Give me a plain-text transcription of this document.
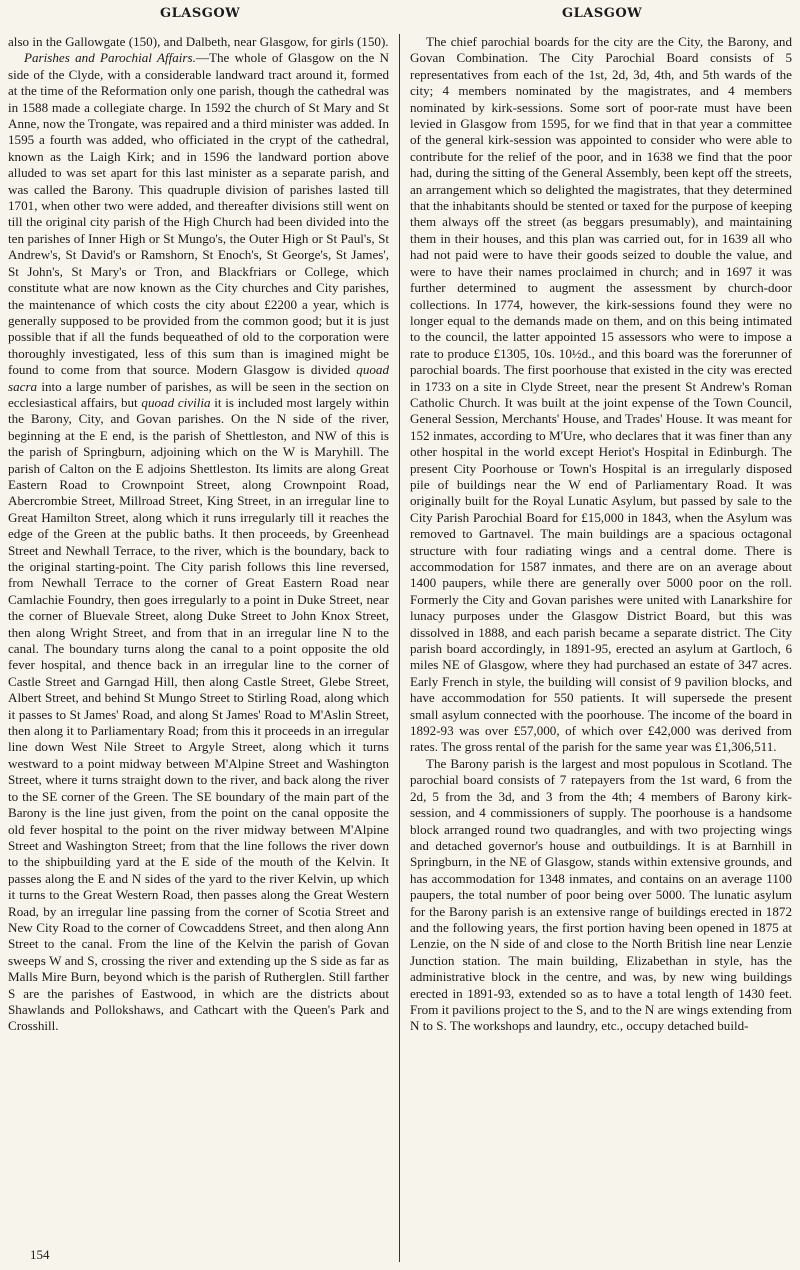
GLASGOW	GLASGOW

also in the Gallowgate (150), and Dalbeth, near Glasgow, for girls (150).

Parishes and Parochial Affairs.—The whole of Glasgow on the N side of the Clyde, with a considerable landward tract around it, formed at the time of the Reformation only one parish, though the cathedral was in 1588 made a collegiate charge. In 1592 the church of St Mary and St Anne, now the Trongate, was repaired and a third minister was added. In 1595 a fourth was added, who officiated in the crypt of the cathedral, known as the Laigh Kirk; and in 1596 the landward portion above alluded to was set apart for this last minister as a separate parish, and was called the Barony. This quadruple division of parishes lasted till 1701, when other two were added, and thereafter divisions still went on till the original city parish of the High Church had been divided into the ten parishes of Inner High or St Mungo's, the Outer High or St Paul's, St Andrew's, St David's or Ramshorn, St Enoch's, St George's, St James', St John's, St Mary's or Tron, and Blackfriars or College, which constitute what are now known as the City churches and City parishes, the maintenance of which costs the city about £2200 a year, which is generally supposed to be provided from the common good; but it is just possible that if all the funds bequeathed of old to the corporation were thoroughly investigated, less of this sum than is imagined might be found to come from that source. Modern Glasgow is divided quoad sacra into a large number of parishes, as will be seen in the section on ecclesiastical affairs, but quoad civilia it is included most largely within the Barony, City, and Govan parishes. On the N side of the river, beginning at the E end, is the parish of Shettleston, and NW of this is the parish of Springburn, adjoining which on the W is Maryhill. The parish of Calton on the E adjoins Shettleston. Its limits are along Great Eastern Road to Crownpoint Street, along Crownpoint Road, Abercrombie Street, Millroad Street, King Street, in an irregular line to Great Hamilton Street, along which it runs irregularly till it reaches the edge of the Green at the public baths. It then proceeds, by Greenhead Street and Newhall Terrace, to the river, which is the boundary, back to the original starting-point. The City parish follows this line reversed, from Newhall Terrace to the corner of Great Eastern Road near Camlachie Foundry, then goes irregularly to a point in Duke Street, near the corner of Bluevale Street, along Duke Street to John Knox Street, then along Wright Street, and from that in an irregular line N to the canal. The boundary turns along the canal to a point opposite the old fever hospital, and thence back in an irregular line to the corner of Castle Street and Garngad Hill, then along Castle Street, Glebe Street, Albert Street, and behind St Mungo Street to Stirling Road, along which it passes to St James' Road, and along St James' Road to M'Aslin Street, then along it to Parliamentary Road; from this it proceeds in an irregular line down West Nile Street to Argyle Street, along which it turns westward to a point midway between M'Alpine Street and Washington Street, where it turns straight down to the river, and back along the river to the SE corner of the Green. The SE boundary of the main part of the Barony is the line just given, from the point on the canal opposite the old fever hospital to the point on the river midway between M'Alpine Street and Washington Street; from that the line follows the river down to the shipbuilding yard at the E side of the mouth of the Kelvin. It passes along the E and N sides of the yard to the river Kelvin, up which it turns to the Great Western Road, then passes along the Great Western Road, by an irregular line passing from the corner of Scotia Street and New City Road to the corner of Cowcaddens Street, and then along Ann Street to the canal. From the line of the Kelvin the parish of Govan sweeps W and S, crossing the river and extending up the S side as far as Malls Mire Burn, beyond which is the parish of Rutherglen. Still farther S are the parishes of Eastwood, in which are the districts about Shawlands and Pollokshaws, and Cathcart with the Queen's Park and Crosshill.

The chief parochial boards for the city are the City, the Barony, and Govan Combination. The City Parochial Board consists of 5 representatives from each of the 1st, 2d, 3d, 4th, and 5th wards of the city; 4 members nominated by the magistrates, and 4 members nominated by kirk-sessions. Some sort of poor-rate must have been levied in Glasgow from 1595, for we find that in that year a committee of the general kirk-session was appointed to consider who were able to contribute for the relief of the poor, and in 1638 we find that the poor had, during the sitting of the General Assembly, been kept off the streets, an arrangement which so delighted the magistrates, that they determined that the inhabitants should be stented or taxed for the purpose of keeping them always off the street (as beggars presumably), and maintaining them in their houses, and this plan was carried out, for in 1639 all who had not paid were to have their goods seized to double the value, and were to have their names proclaimed in church; and in 1697 it was further determined to augment the assessment by church-door collections. In 1774, however, the kirk-sessions found they were no longer equal to the demands made on them, and on this being intimated to the council, the latter appointed 15 assessors who were to impose a rate to produce £1305, 10s. 10½d., and this board was the forerunner of parochial boards. The first poorhouse that existed in the city was erected in 1733 on a site in Clyde Street, near the present St Andrew's Roman Catholic Church. It was built at the joint expense of the Town Council, General Session, Merchants' House, and Trades' House. It was meant for 152 inmates, according to M'Ure, who declares that it was finer than any other hospital in the world except Heriot's Hospital in Edinburgh. The present City Poorhouse or Town's Hospital is an irregularly disposed pile of buildings near the W end of Parliamentary Road. It was originally built for the Royal Lunatic Asylum, but passed by sale to the City Parish Parochial Board for £15,000 in 1843, when the Asylum was removed to Gartnavel. The main buildings are a spacious octagonal structure with four radiating wings and a central dome. There is accommodation for 1587 inmates, and there are on an average about 1400 paupers, while there are generally over 5000 poor on the roll. Formerly the City and Govan parishes were united with Lanarkshire for lunacy purposes under the Glasgow District Board, but this was dissolved in 1888, and each parish became a separate district. The City parish board accordingly, in 1891-95, erected an asylum at Gartloch, 6 miles NE of Glasgow, where they had purchased an estate of 347 acres. Early French in style, the building will consist of 9 pavilion blocks, and have accommodation for 550 patients. It will supersede the present small asylum connected with the poorhouse. The income of the board in 1892-93 was over £57,000, of which over £42,000 was derived from rates. The gross rental of the parish for the same year was £1,306,511.

The Barony parish is the largest and most populous in Scotland. The parochial board consists of 7 ratepayers from the 1st ward, 6 from the 2d, 5 from the 3d, and 3 from the 4th; 4 members of Barony kirk-session, and 4 commissioners of supply. The poorhouse is a handsome block arranged round two quadrangles, and with two projecting wings and detached governor's house and outbuildings. It is at Barnhill in Springburn, in the NE of Glasgow, stands within extensive grounds, and has accommodation for 1348 inmates, and contains on an average 1100 paupers, the total number of poor being over 5000. The lunatic asylum for the Barony parish is an extensive range of buildings erected in 1872 and the following years, the first portion having been opened in 1875 at Lenzie, on the N side of and close to the North British line near Lenzie Junction station. The main building, Elizabethan in style, has the administrative block in the centre, and was, by new wing buildings erected in 1891-93, extended so as to have a total length of 1430 feet. From it pavilions project to the S, and to the N are wings extending from N to S. The workshops and laundry, etc., occupy detached build-

154
